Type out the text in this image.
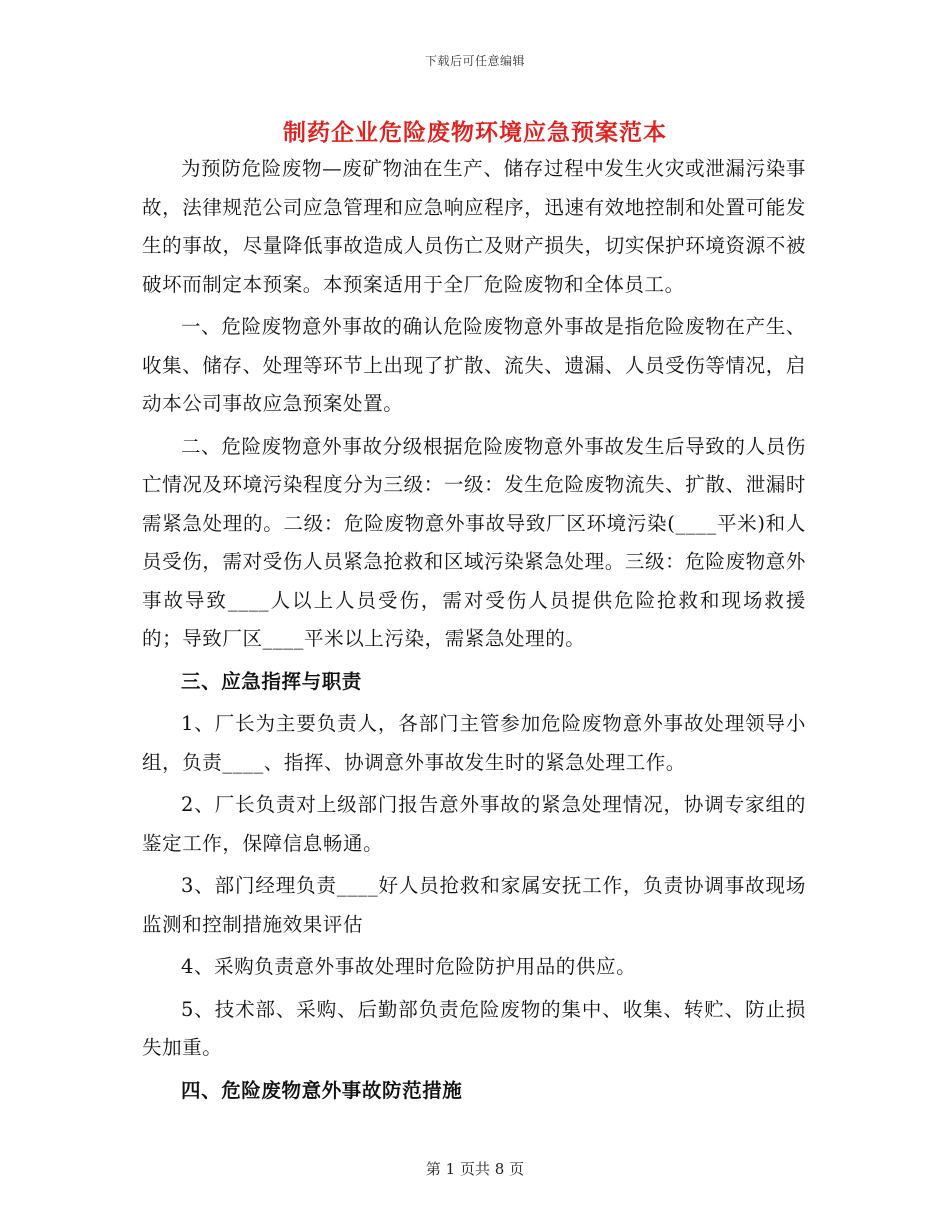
下载后可任意编辑
制药企业危险废物环境应急预案范本

为预防危险废物—废矿物油在生产、储存过程中发生火灾或泄漏污染事故，法律规范公司应急管理和应急响应程序，迅速有效地控制和处置可能发生的事故，尽量降低事故造成人员伤亡及财产损失，切实保护环境资源不被破坏而制定本预案。本预案适用于全厂危险废物和全体员工。

一、危险废物意外事故的确认危险废物意外事故是指危险废物在产生、收集、储存、处理等环节上出现了扩散、流失、遗漏、人员受伤等情况，启动本公司事故应急预案处置。

二、危险废物意外事故分级根据危险废物意外事故发生后导致的人员伤亡情况及环境污染程度分为三级：一级：发生危险废物流失、扩散、泄漏时需紧急处理的。二级：危险废物意外事故导致厂区环境污染(____平米)和人员受伤，需对受伤人员紧急抢救和区域污染紧急处理。三级：危险废物意外事故导致____人以上人员受伤，需对受伤人员提供危险抢救和现场救援的；导致厂区____平米以上污染，需紧急处理的。

三、应急指挥与职责

1、厂长为主要负责人，各部门主管参加危险废物意外事故处理领导小组，负责____、指挥、协调意外事故发生时的紧急处理工作。

2、厂长负责对上级部门报告意外事故的紧急处理情况，协调专家组的鉴定工作，保障信息畅通。

3、部门经理负责____好人员抢救和家属安抚工作，负责协调事故现场监测和控制措施效果评估

4、采购负责意外事故处理时危险防护用品的供应。

5、技术部、采购、后勤部负责危险废物的集中、收集、转贮、防止损失加重。

四、危险废物意外事故防范措施

第 1 页共 8 页
